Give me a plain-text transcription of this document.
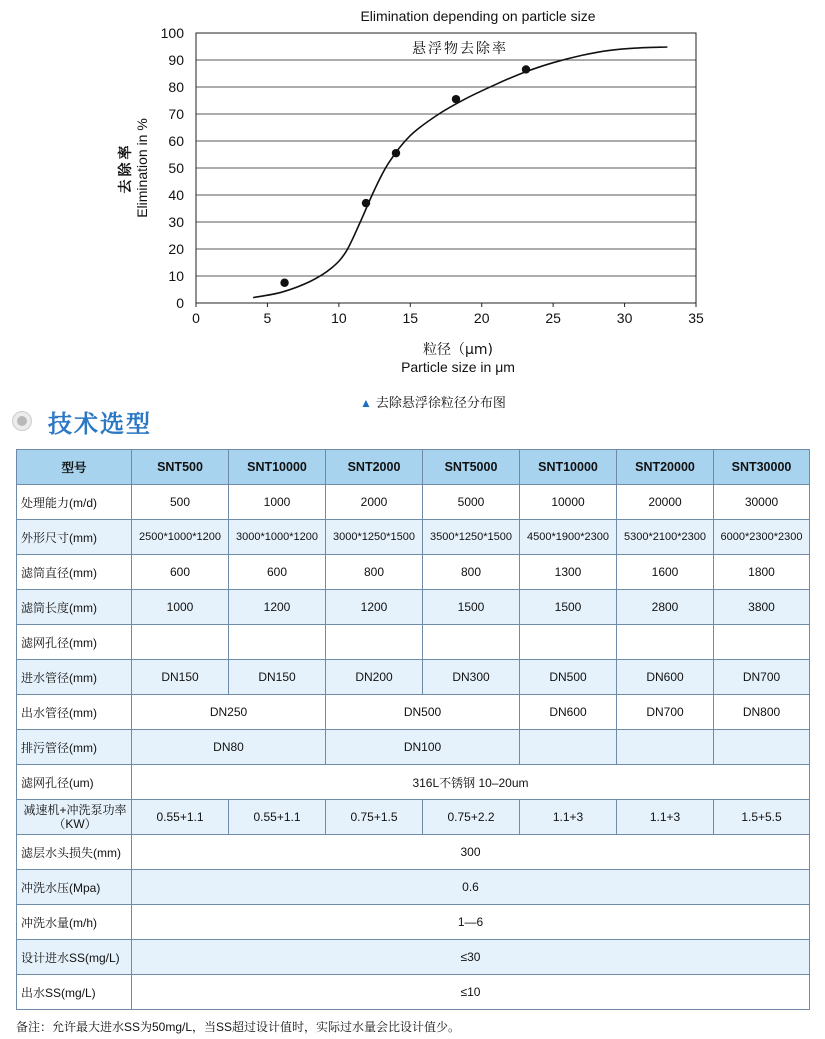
Elimination depending on particle size
0
10
20
30
40
50
60
70
80
90
100
0	5	10	15	20	25	30	35
悬浮物去除率
去除率 Elimination in %
粒径（μm)
Particle size in μm
▲ 去除悬浮徐粒径分布图
技术选型
型号	SNT500	SNT10000	SNT2000	SNT5000	SNT10000	SNT20000	SNT30000
处理能力(m/d)	500	1000	2000	5000	10000	20000	30000
外形尺寸(mm)	2500*1000*1200	3000*1000*1200	3000*1250*1500	3500*1250*1500	4500*1900*2300	5300*2100*2300	6000*2300*2300
滤筒直径(mm)	600	600	800	800	1300	1600	1800
滤筒长度(mm)	1000	1200	1200	1500	1500	2800	3800
滤网孔径(mm)							
进水管径(mm)	DN150	DN150	DN200	DN300	DN500	DN600	DN700
出水管径(mm)	DN250		DN500		DN600	DN700	DN800
排污管径(mm)	DN80		DN100				
滤网孔径(um)	316L不锈钢 10–20um						
减速机+冲洗泵功率（KW）	0.55+1.1	0.55+1.1	0.75+1.5	0.75+2.2	1.1+3	1.1+3	1.5+5.5
滤层水头损失(mm)	300						
冲洗水压(Mpa)	0.6						
冲洗水量(m/h)	1—6						
设计进水SS(mg/L)	≤30						
出水SS(mg/L)	≤10						
备注：允许最大进水SS为50mg/L，当SS超过设计值时，实际过水量会比设计值少。
